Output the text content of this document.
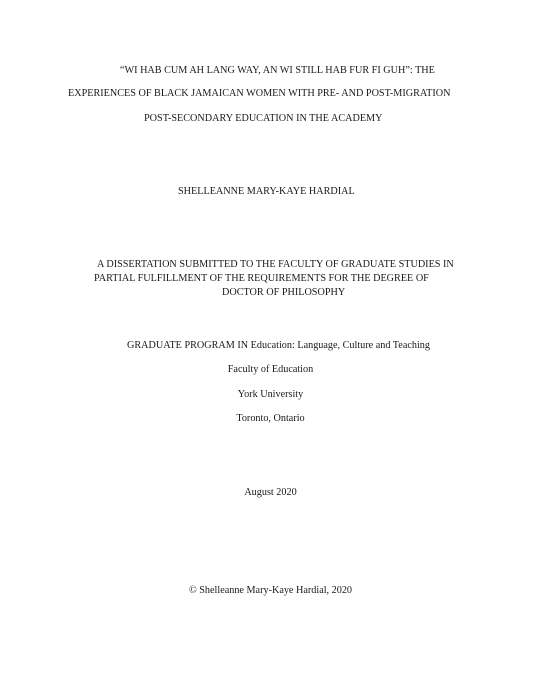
“WI HAB CUM AH LANG WAY, AN WI STILL HAB FUR FI GUH”: THE
EXPERIENCES OF BLACK JAMAICAN WOMEN WITH PRE- AND POST-MIGRATION
POST-SECONDARY EDUCATION IN THE ACADEMY
SHELLEANNE MARY-KAYE HARDIAL
A DISSERTATION SUBMITTED TO THE FACULTY OF GRADUATE STUDIES IN
PARTIAL FULFILLMENT OF THE REQUIREMENTS FOR THE DEGREE OF
DOCTOR OF PHILOSOPHY
GRADUATE PROGRAM IN Education: Language, Culture and Teaching
Faculty of Education
York University
Toronto, Ontario
August 2020
© Shelleanne Mary-Kaye Hardial, 2020
